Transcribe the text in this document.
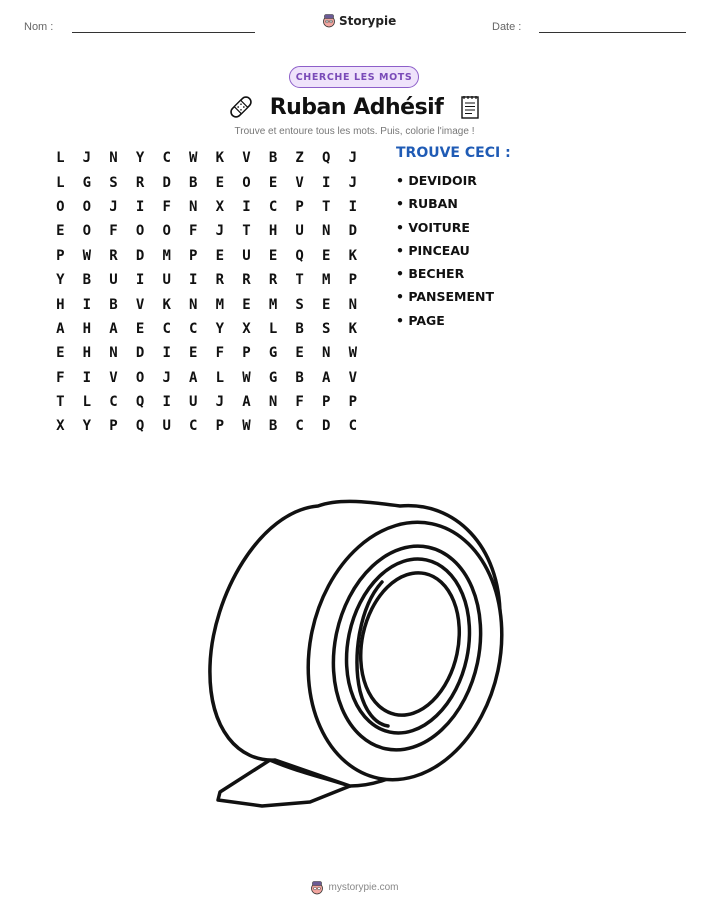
Nom :	Storypie	Date :
CHERCHE LES MOTS
Ruban Adhésif
Trouve et entoure tous les mots. Puis, colorie l'image !
L	J	N	Y	C	W	K	V	B	Z	Q	J
L	G	S	R	D	B	E	O	E	V	I	J
O	O	J	I	F	N	X	I	C	P	T	I
E	O	F	O	O	F	J	T	H	U	N	D
P	W	R	D	M	P	E	U	E	Q	E	K
Y	B	U	I	U	I	R	R	R	T	M	P
H	I	B	V	K	N	M	E	M	S	E	N
A	H	A	E	C	C	Y	X	L	B	S	K
E	H	N	D	I	E	F	P	G	E	N	W
F	I	V	O	J	A	L	W	G	B	A	V
T	L	C	Q	I	U	J	A	N	F	P	P
X	Y	P	Q	U	C	P	W	B	C	D	C
TROUVE CECI :
• DEVIDOIR
• RUBAN
• VOITURE
• PINCEAU
• BECHER
• PANSEMENT
• PAGE
mystorypie.com
